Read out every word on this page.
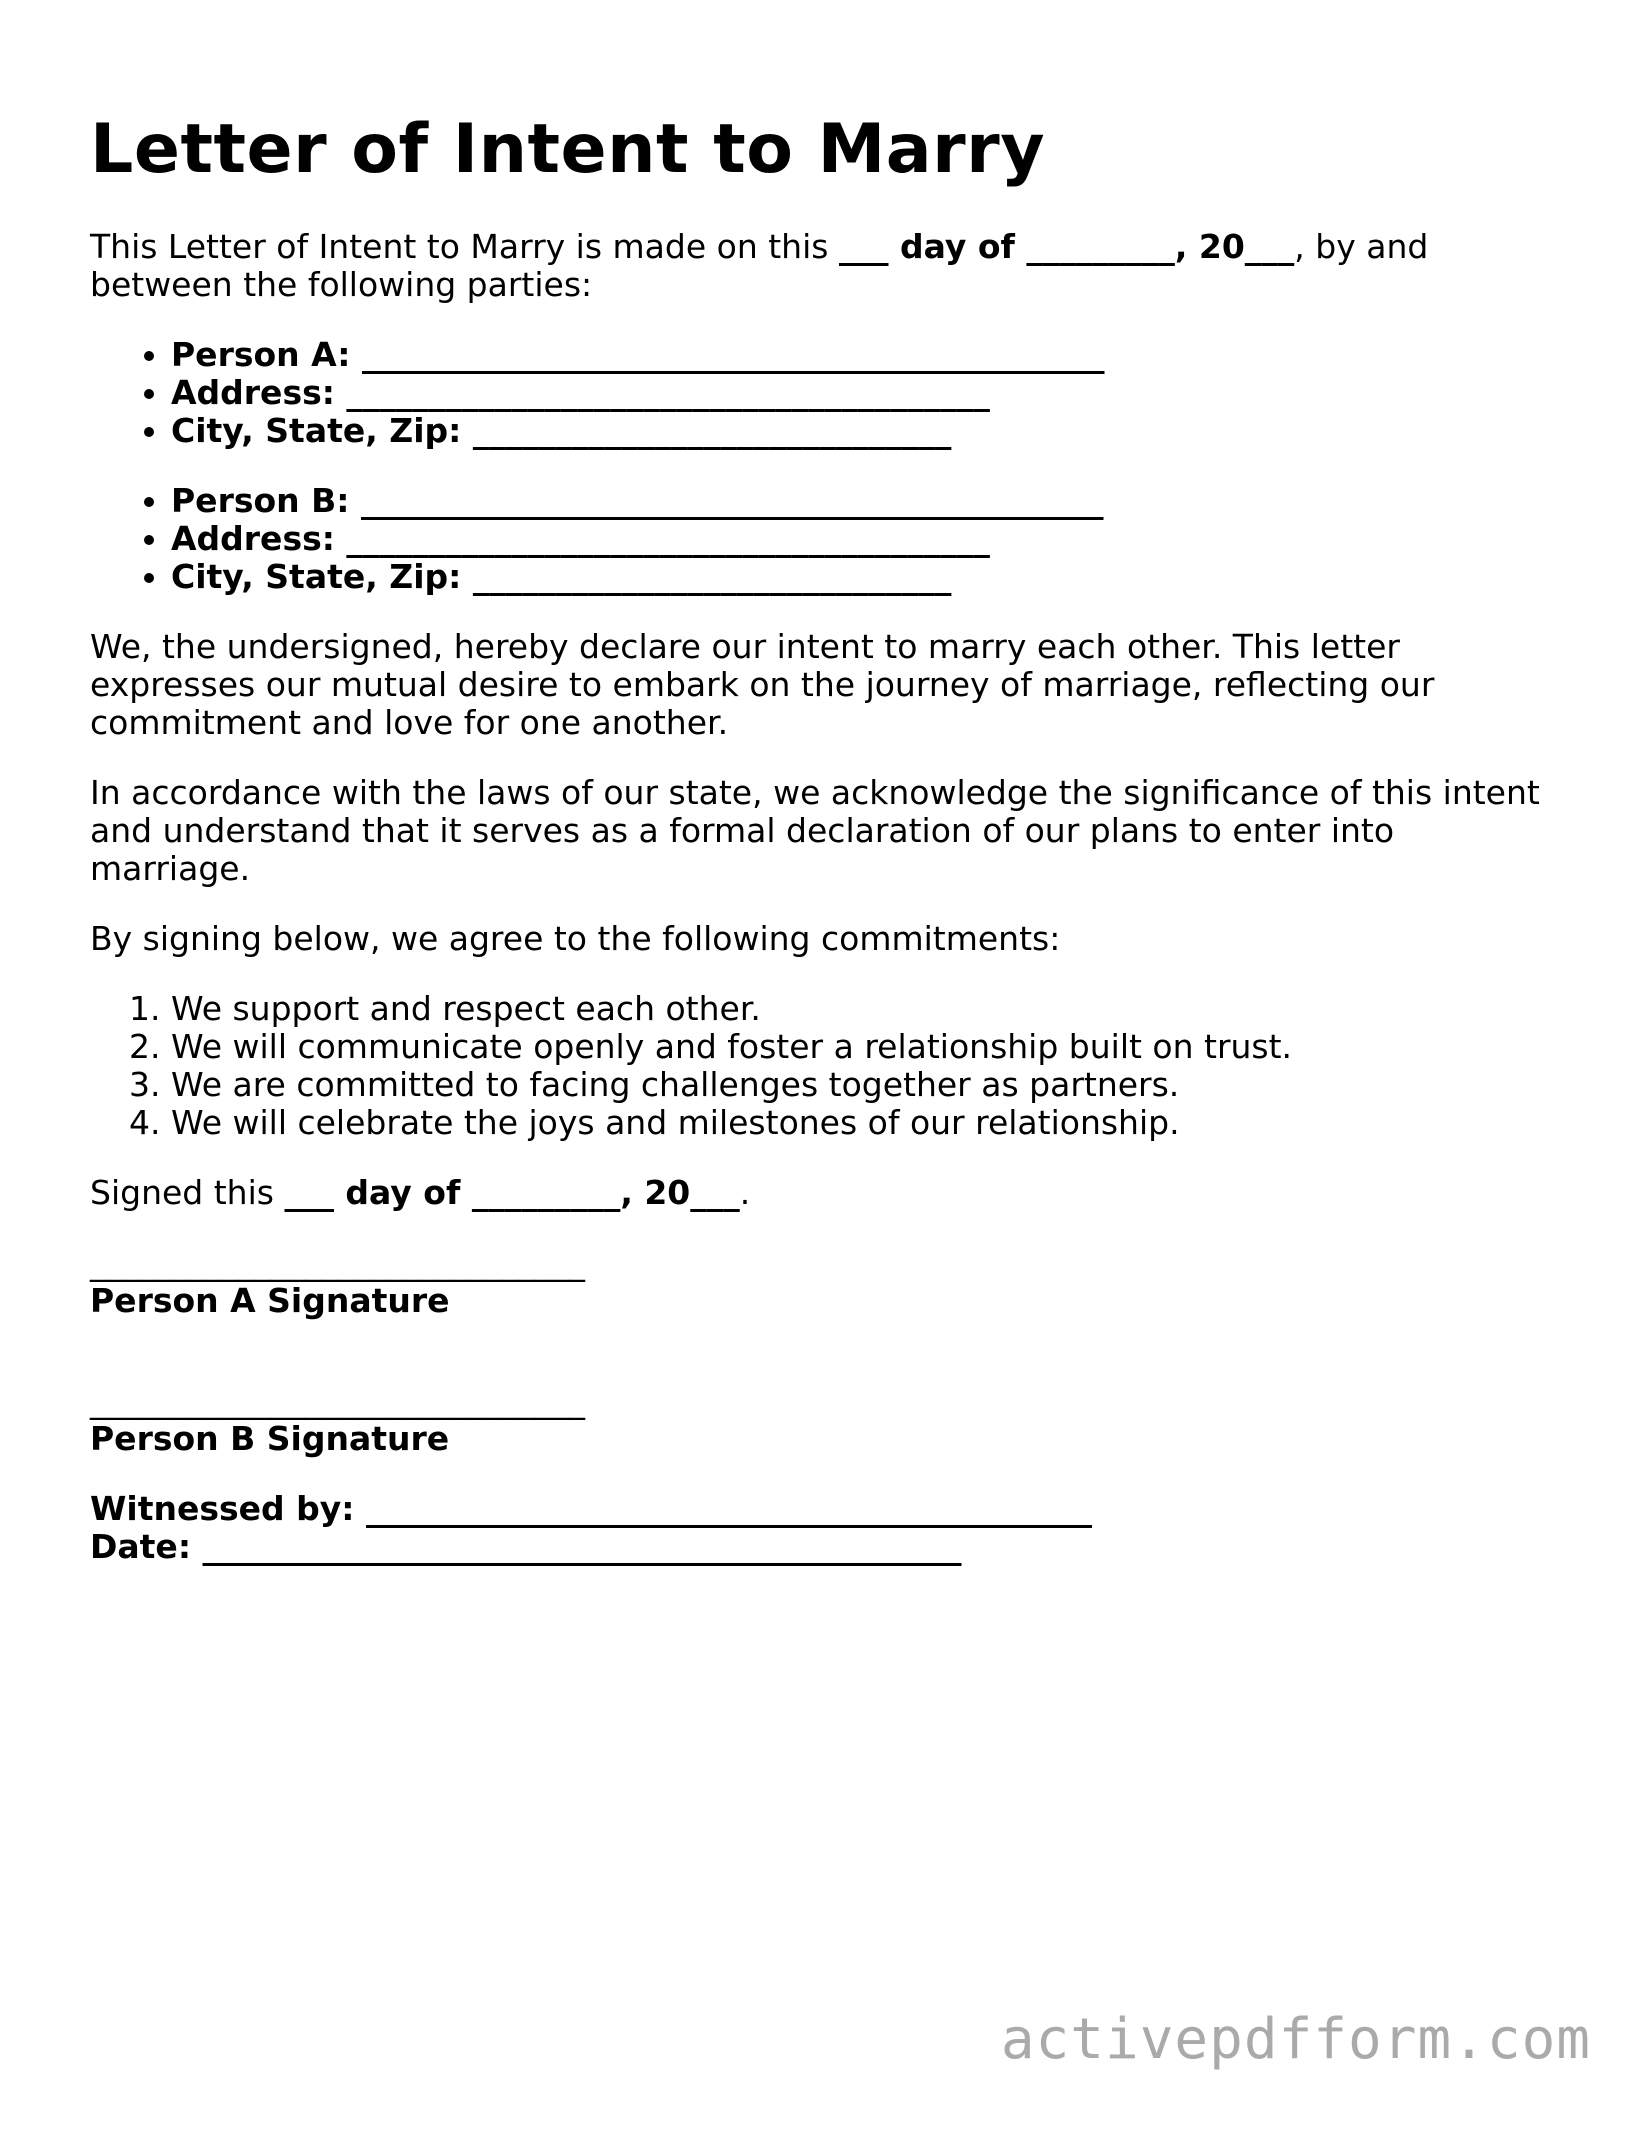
Letter of Intent to Marry

This Letter of Intent to Marry is made on this ___ day of _________, 20___, by and between the following parties:

• Person A: _____________________________________________
• Address: _______________________________________
• City, State, Zip: _____________________________
• Person B: _____________________________________________
• Address: _______________________________________
• City, State, Zip: _____________________________

We, the undersigned, hereby declare our intent to marry each other. This letter expresses our mutual desire to embark on the journey of marriage, reflecting our commitment and love for one another.

In accordance with the laws of our state, we acknowledge the significance of this intent and understand that it serves as a formal declaration of our plans to enter into marriage.

By signing below, we agree to the following commitments:

1. We support and respect each other.
2. We will communicate openly and foster a relationship built on trust.
3. We are committed to facing challenges together as partners.
4. We will celebrate the joys and milestones of our relationship.

Signed this ___ day of _________, 20___.

______________________________
Person A Signature
______________________________
Person B Signature
Witnessed by: ____________________________________________
Date: ______________________________________________
activepdfform.com
